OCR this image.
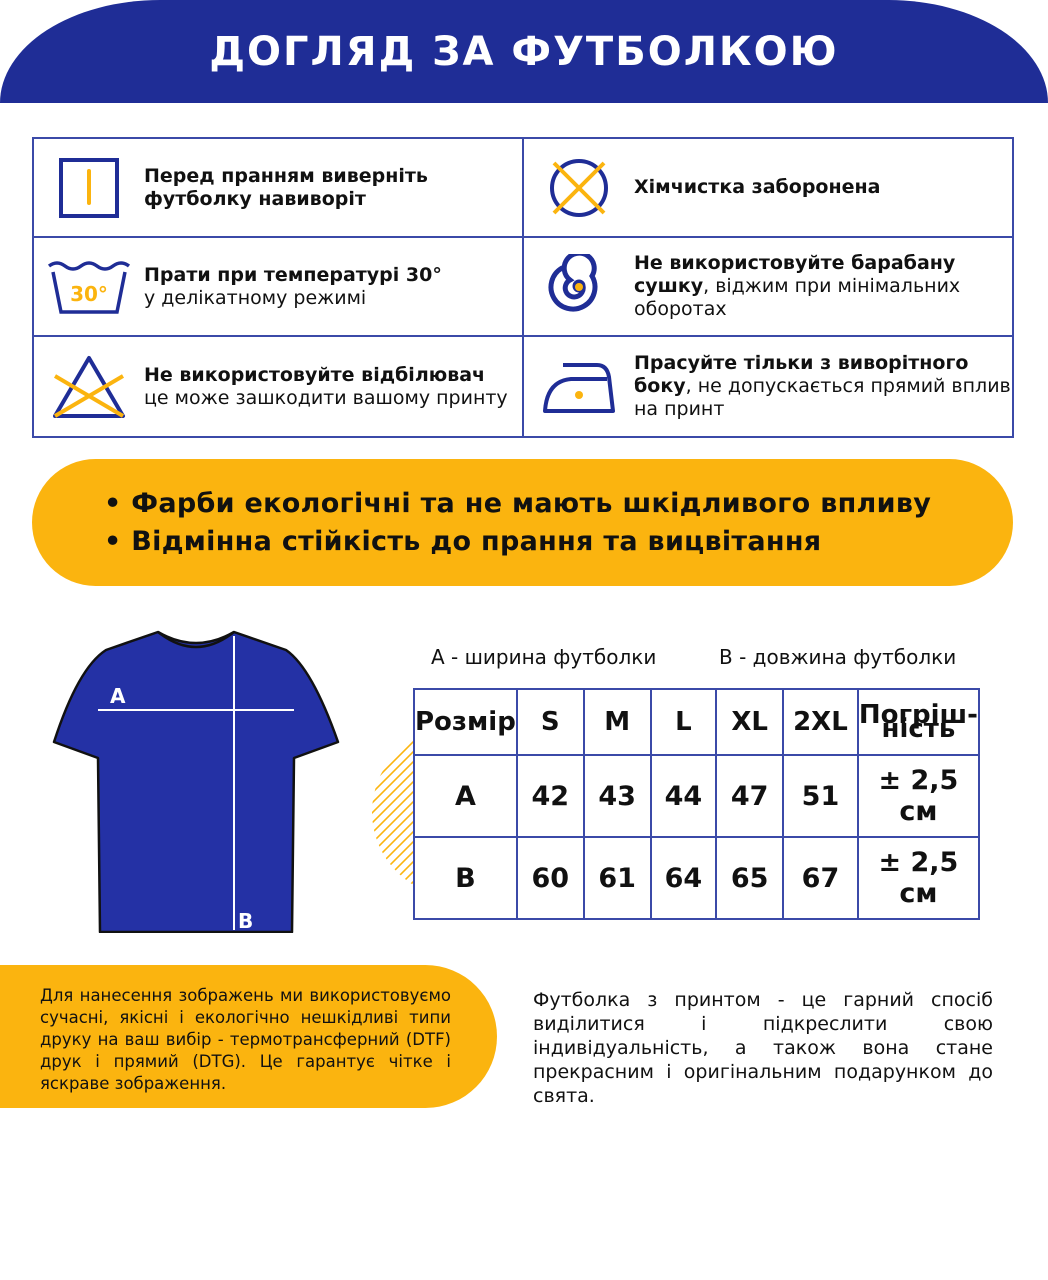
ДОГЛЯД ЗА ФУТБОЛКОЮ
Перед пранням виверніть футболку навиворіт
Хімчистка заборонена
30°
Прати при температурі 30°
у делікатному режимі
Не використовуйте барабану сушку, віджим при мінімальних оборотах
Не використовуйте відбілювач
це може зашкодити вашому принту
Прасуйте тільки з виворітного боку, не допускається прямий вплив на принт
• Фарби екологічні та не мають шкідливого впливу
• Відмінна стійкість до прання та вицвітання
A
B
А - ширина футболки	В - довжина футболки
Розмір	S	M	L	XL	2XL	Погріш-ність
А	42	43	44	47	51	± 2,5 см
В	60	61	64	65	67	± 2,5 см

Для нанесення зображень ми використовуємо сучасні, якісні і екологічно нешкідливі типи друку на ваш вибір - термотрансферний (DTF) друк і прямий (DTG). Це гарантує чітке і яскраве зображення.

Футболка з принтом - це гарний спосіб виділитися і підкреслити свою індивідуальність, а також вона стане прекрасним і оригінальним подарунком до свята.
